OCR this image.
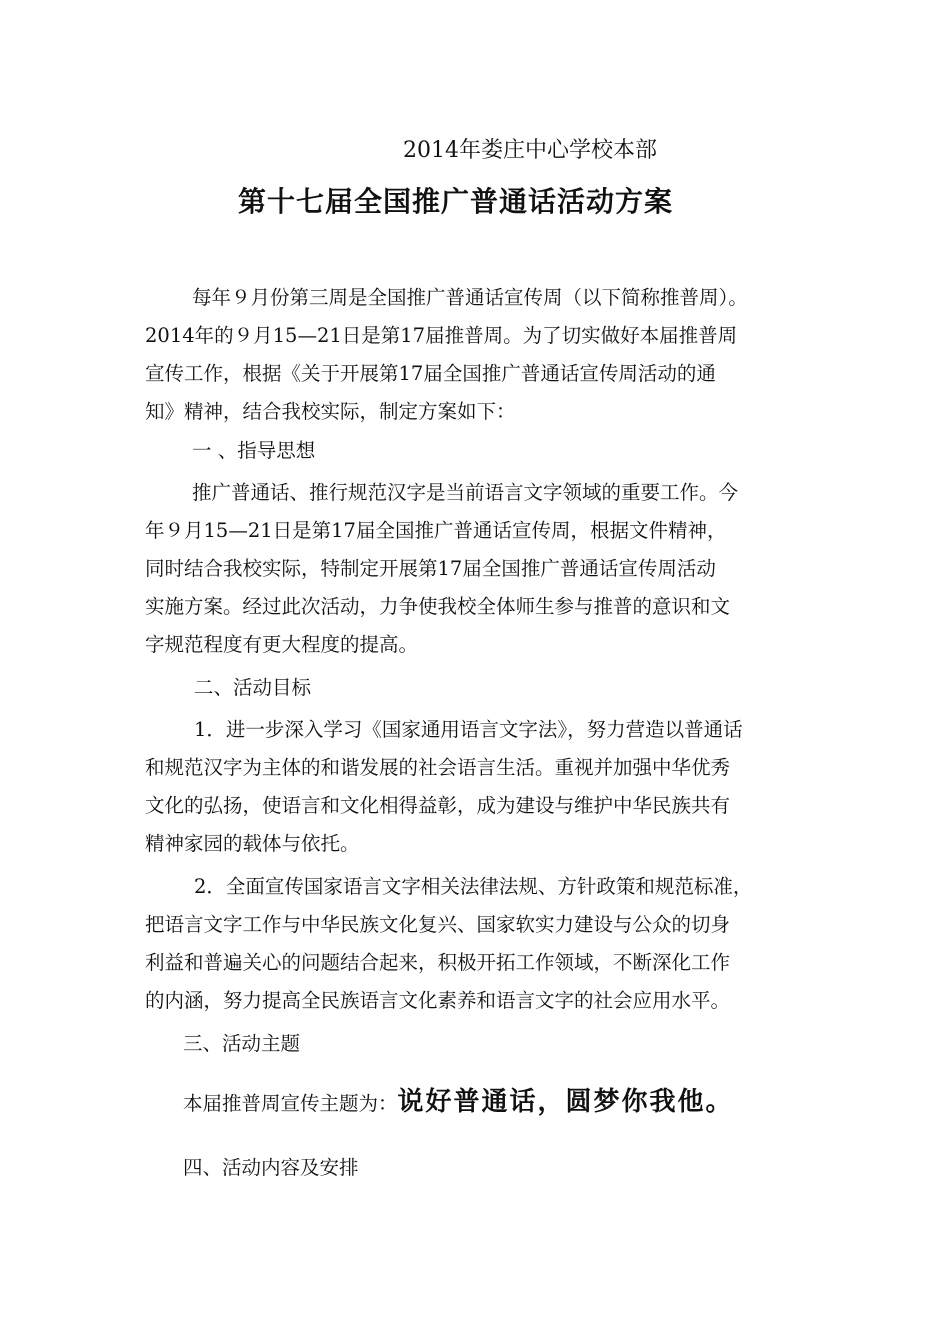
2014年娄庄中心学校本部
第十七届全国推广普通话活动方案
每年９月份第三周是全国推广普通话宣传周（以下简称推普周）。
2014年的９月15—21日是第17届推普周。为了切实做好本届推普周
宣传工作，根据《关于开展第17届全国推广普通话宣传周活动的通
知》精神，结合我校实际，制定方案如下：
一 、指导思想
推广普通话、推行规范汉字是当前语言文字领域的重要工作。今
年９月15—21日是第17届全国推广普通话宣传周，根据文件精神，
同时结合我校实际，特制定开展第17届全国推广普通话宣传周活动
实施方案。经过此次活动，力争使我校全体师生参与推普的意识和文
字规范程度有更大程度的提高。
二、活动目标
1．进一步深入学习《国家通用语言文字法》，努力营造以普通话
和规范汉字为主体的和谐发展的社会语言生活。重视并加强中华优秀
文化的弘扬，使语言和文化相得益彰，成为建设与维护中华民族共有
精神家园的载体与依托。
2．全面宣传国家语言文字相关法律法规、方针政策和规范标准，
把语言文字工作与中华民族文化复兴、国家软实力建设与公众的切身
利益和普遍关心的问题结合起来，积极开拓工作领域，不断深化工作
的内涵，努力提高全民族语言文化素养和语言文字的社会应用水平。
三、活动主题
本届推普周宣传主题为：说好普通话，圆梦你我他。
四、活动内容及安排
